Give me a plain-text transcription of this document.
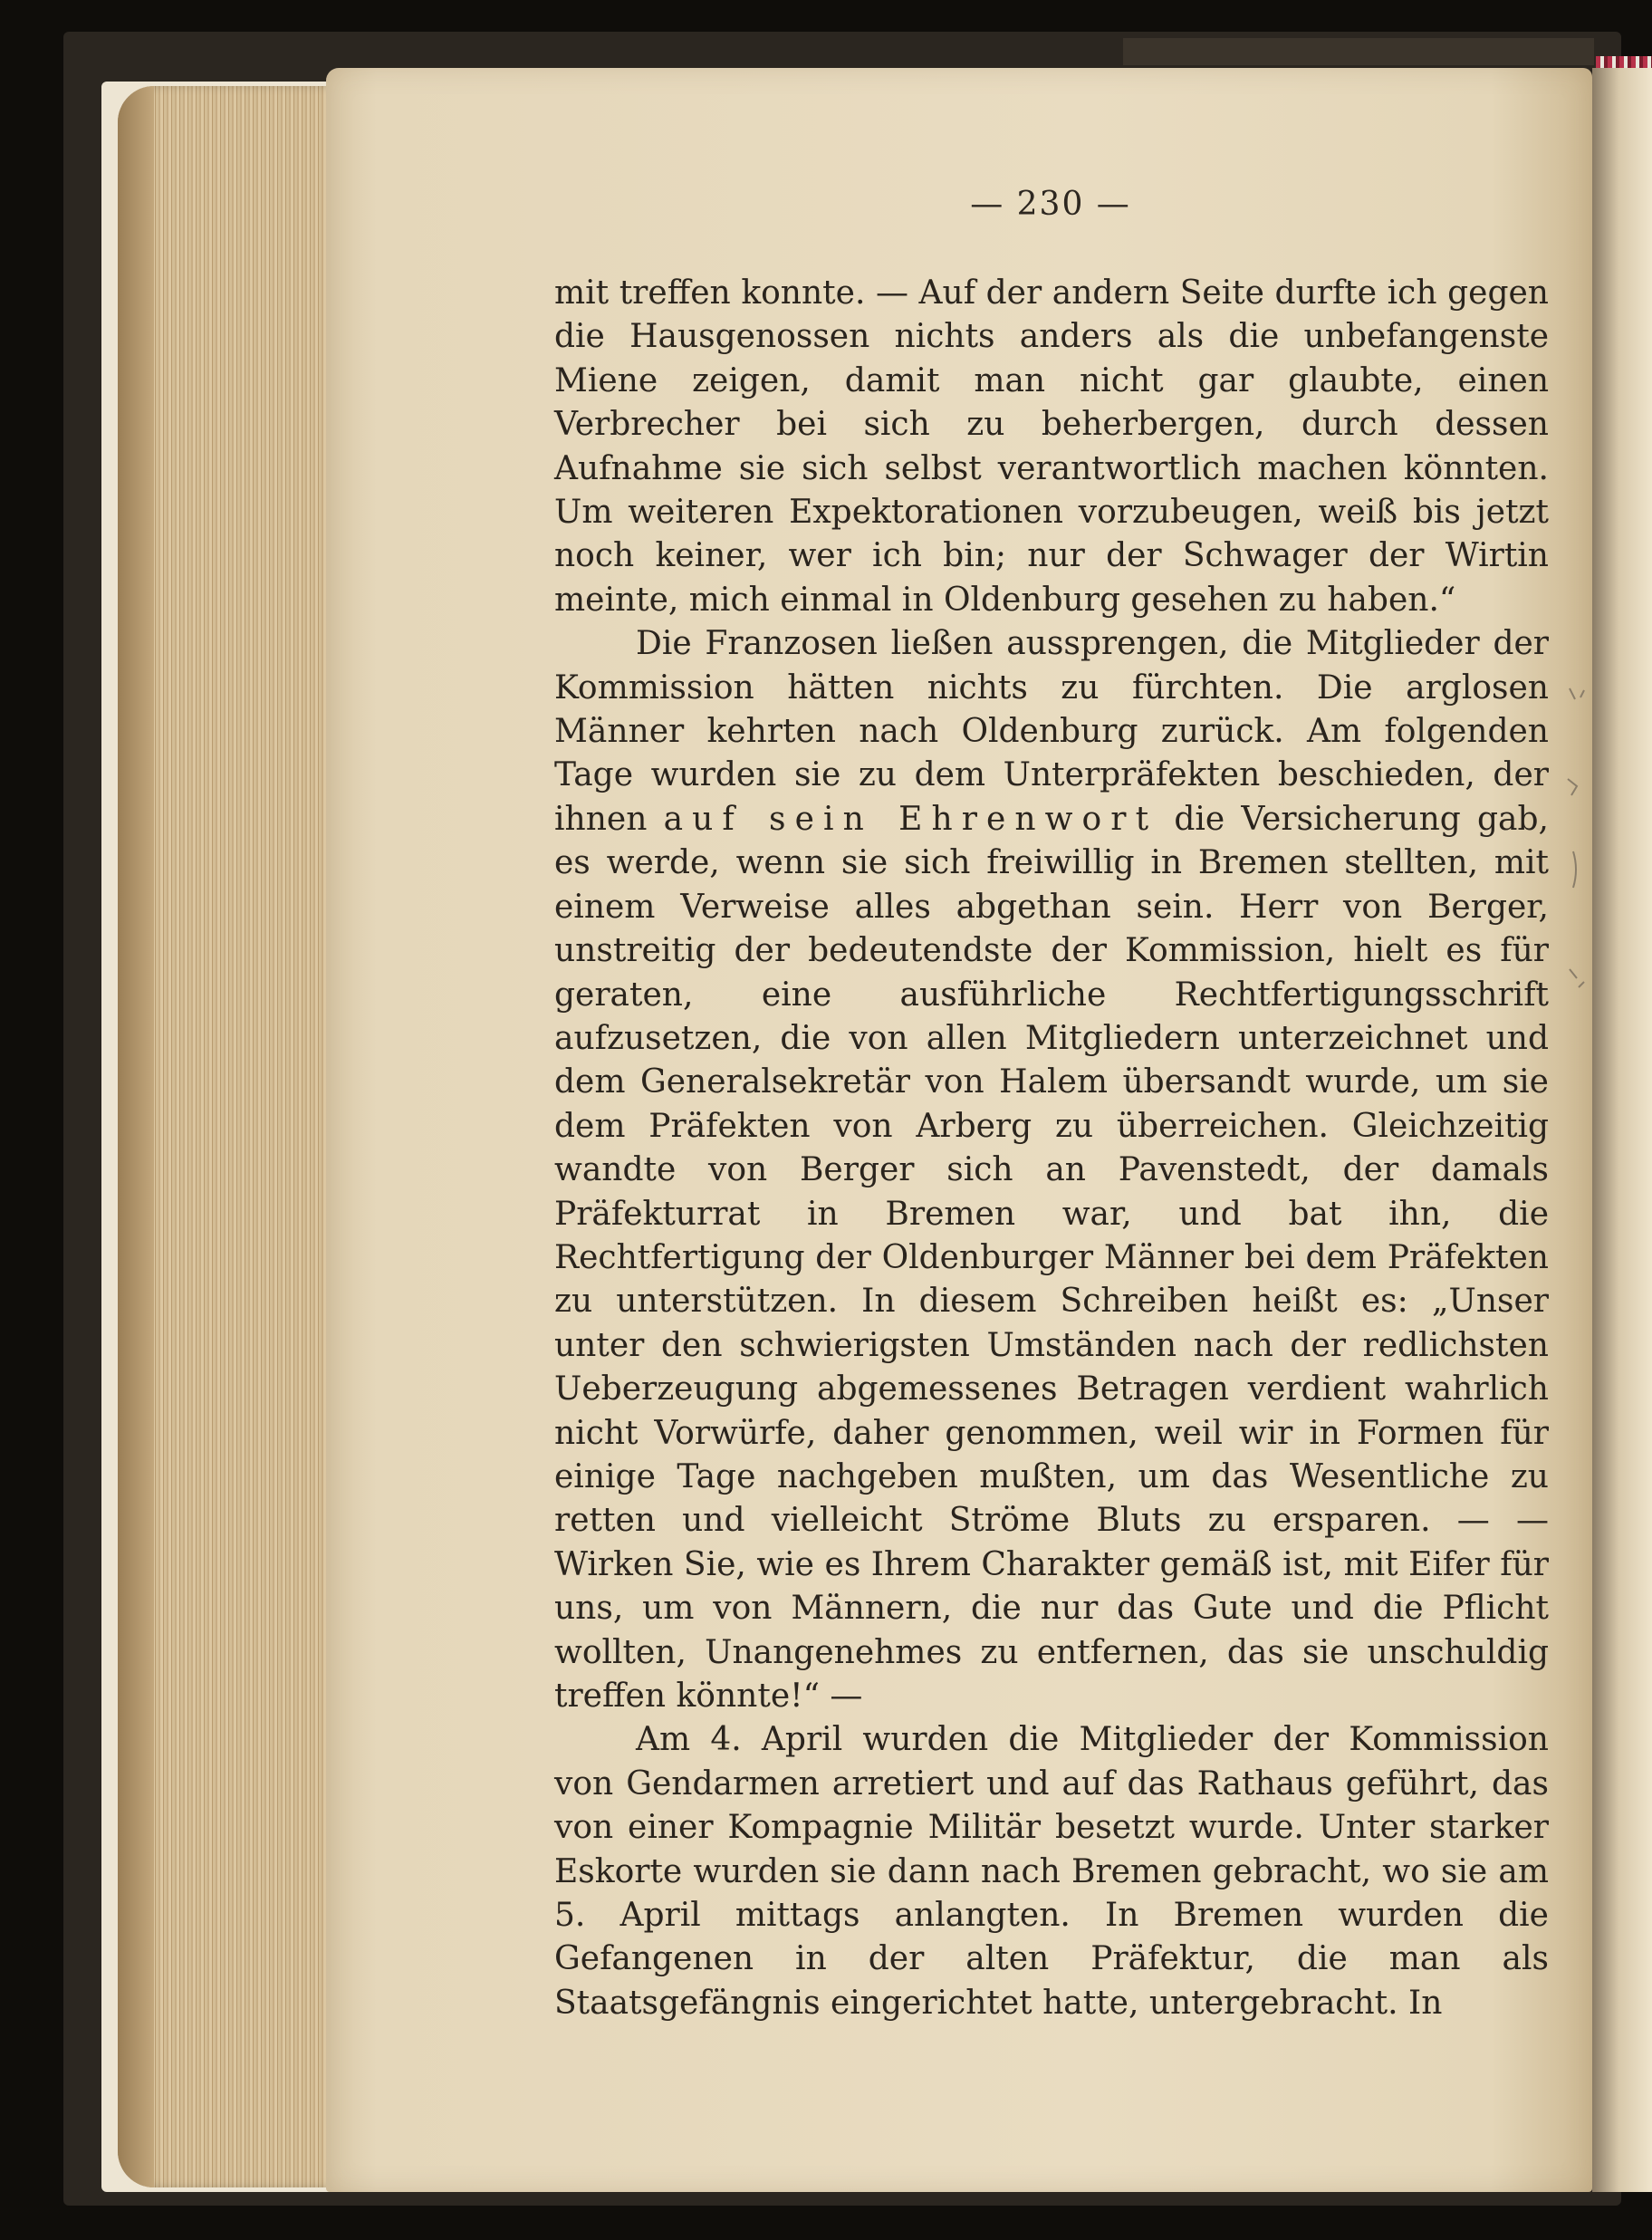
— 230 —

mit treffen konnte. — Auf der andern Seite durfte ich gegen die Hausgenossen nichts anders als die unbefangenste Miene zeigen, damit man nicht gar glaubte, einen Verbrecher bei sich zu beherbergen, durch dessen Aufnahme sie sich selbst verantwortlich machen könnten. Um weiteren Expektorationen vorzubeugen, weiß bis jetzt noch keiner, wer ich bin; nur der Schwager der Wirtin meinte, mich einmal in Oldenburg gesehen zu haben.“

Die Franzosen ließen aussprengen, die Mitglieder der Kommission hätten nichts zu fürchten. Die arglosen Männer kehrten nach Oldenburg zurück. Am folgenden Tage wurden sie zu dem Unterpräfekten beschieden, der ihnen auf sein Ehrenwort die Versicherung gab, es werde, wenn sie sich freiwillig in Bremen stellten, mit einem Verweise alles abgethan sein. Herr von Berger, unstreitig der bedeutendste der Kommission, hielt es für geraten, eine ausführliche Rechtfertigungsschrift aufzusetzen, die von allen Mitgliedern unterzeichnet und dem Generalsekretär von Halem übersandt wurde, um sie dem Präfekten von Arberg zu überreichen. Gleichzeitig wandte von Berger sich an Pavenstedt, der damals Präfekturrat in Bremen war, und bat ihn, die Rechtfertigung der Oldenburger Männer bei dem Präfekten zu unterstützen. In diesem Schreiben heißt es: „Unser unter den schwierigsten Umständen nach der redlichsten Ueberzeugung abgemessenes Betragen verdient wahrlich nicht Vorwürfe, daher genommen, weil wir in Formen für einige Tage nachgeben mußten, um das Wesentliche zu retten und vielleicht Ströme Bluts zu ersparen. — — Wirken Sie, wie es Ihrem Charakter gemäß ist, mit Eifer für uns, um von Männern, die nur das Gute und die Pflicht wollten, Unangenehmes zu entfernen, das sie unschuldig treffen könnte!“ —

Am 4. April wurden die Mitglieder der Kommission von Gendarmen arretiert und auf das Rathaus geführt, das von einer Kompagnie Militär besetzt wurde. Unter starker Eskorte wurden sie dann nach Bremen gebracht, wo sie am 5. April mittags anlangten. In Bremen wurden die Gefangenen in der alten Präfektur, die man als Staatsgefängnis eingerichtet hatte, untergebracht. In
